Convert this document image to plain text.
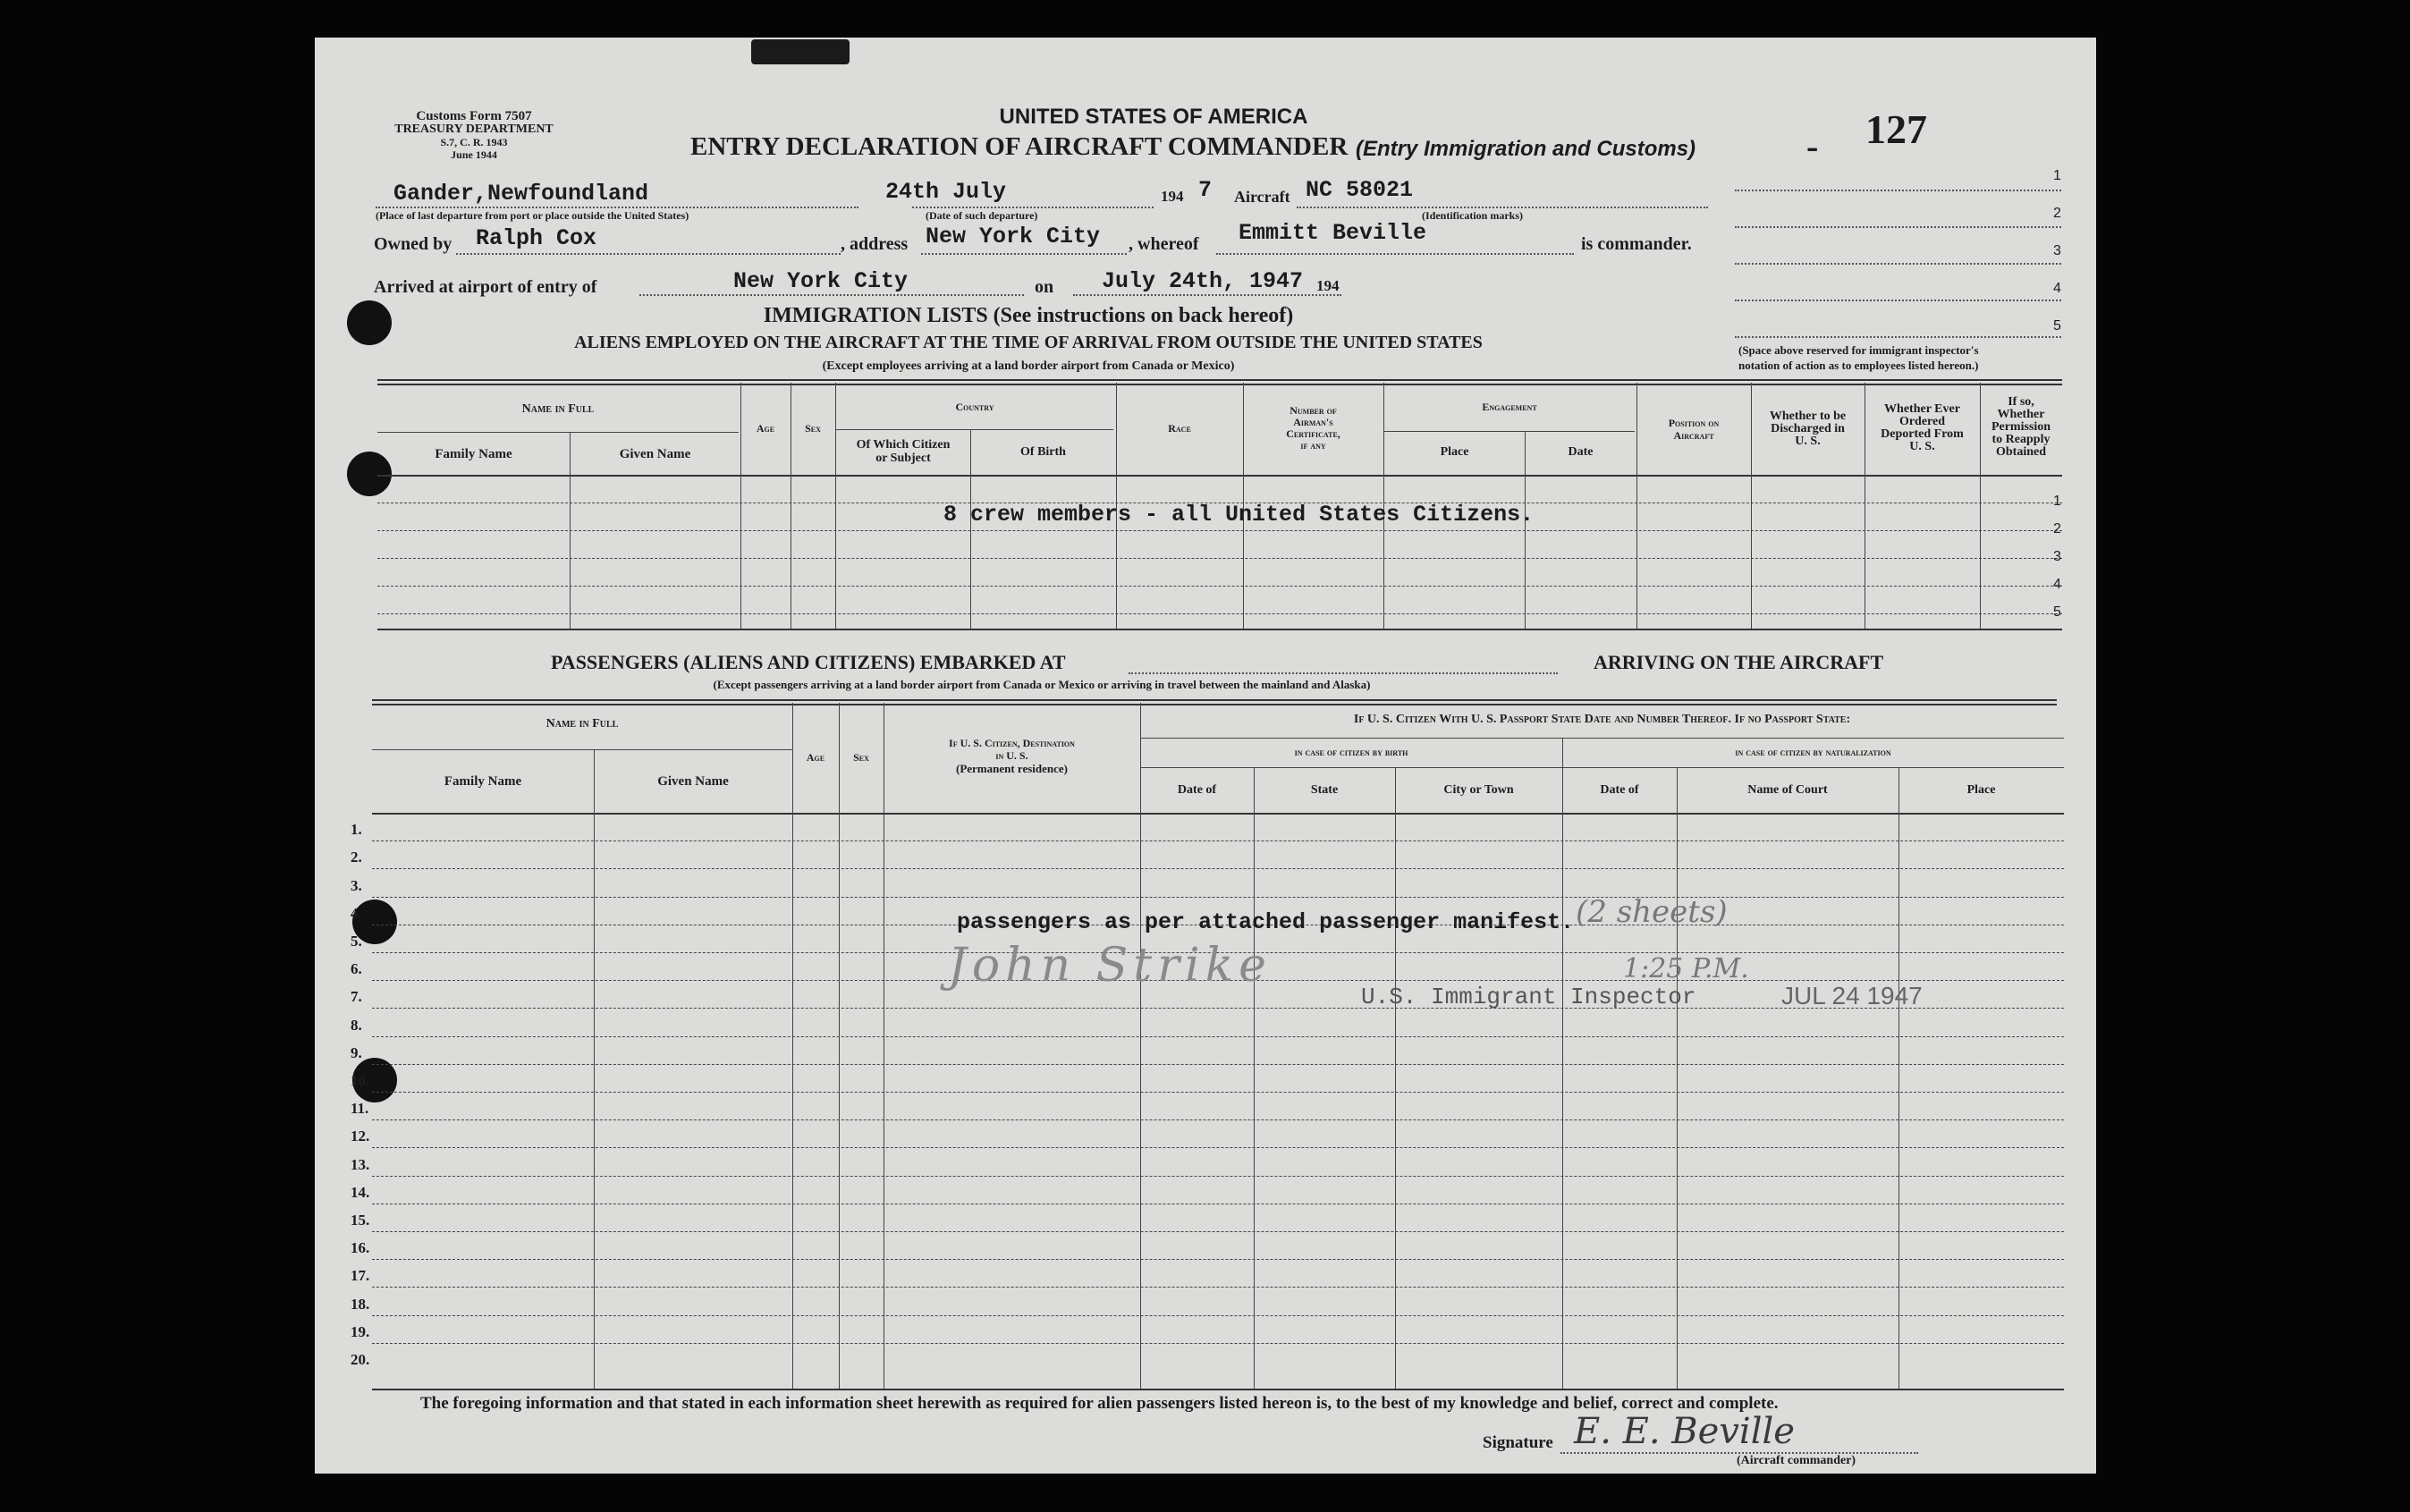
Customs Form 7507
TREASURY DEPARTMENT
S.7, C. R. 1943
June 1944
UNITED STATES OF AMERICA
ENTRY DECLARATION OF AIRCRAFT COMMANDER (Entry Immigration and Customs)	- 127
1
2
3
4
5
Gander,Newfoundland
(Place of last departure from port or place outside the United States)
24th July
(Date of such departure)
194 7 Aircraft NC 58021
(Identification marks)
Owned by Ralph Cox	, address New York City , whereof Emmitt Beville	is commander.
Arrived at airport of entry of	New York City	on July 24th, 1947 194
IMMIGRATION LISTS (See instructions on back hereof)
ALIENS EMPLOYED ON THE AIRCRAFT AT THE TIME OF ARRIVAL FROM OUTSIDE THE UNITED STATES
(Except employees arriving at a land border airport from Canada or Mexico)
(Space above reserved for immigrant inspector's
notation of action as to employees listed hereon.)
Name in Full
Family Name	Given Name
Age	Sex
Country
Of Which Citizen
or Subject	Of Birth
Race
Number of
Airman's
Certificate,
if any
Engagement
Place	Date
Position on
Aircraft
Whether to be
Discharged in
U. S.
Whether Ever
Ordered
Deported From
U. S.
If so,
Whether
Permission
to Reapply
Obtained
8 crew members - all United States Citizens.
1
2
3
4
5
PASSENGERS (ALIENS AND CITIZENS) EMBARKED AT	ARRIVING ON THE AIRCRAFT
(Except passengers arriving at a land border airport from Canada or Mexico or arriving in travel between the mainland and Alaska)
Name in Full
Family Name	Given Name
Age	Sex
If U. S. Citizen, Destination
in U. S.
(Permanent residence)
If U. S. Citizen With U. S. Passport State Date and Number Thereof. If no Passport State:
in case of citizen by birth	in case of citizen by naturalization
Date of	State	City or Town	Date of	Name of Court	Place
1.
2.
3.
4.
5.
6.
7.
8.
9.
10.
11.
12.
13.
14.
15.
16.
17.
18.
19.
20.
passengers as per attached passenger manifest. (2 sheets)
John Strike	1:25 P.M.
U.S. Immigrant Inspector	JUL 24 1947
The foregoing information and that stated in each information sheet herewith as required for alien passengers listed hereon is, to the best of my knowledge and belief, correct and complete.
Signature E. E. Beville
(Aircraft commander)
